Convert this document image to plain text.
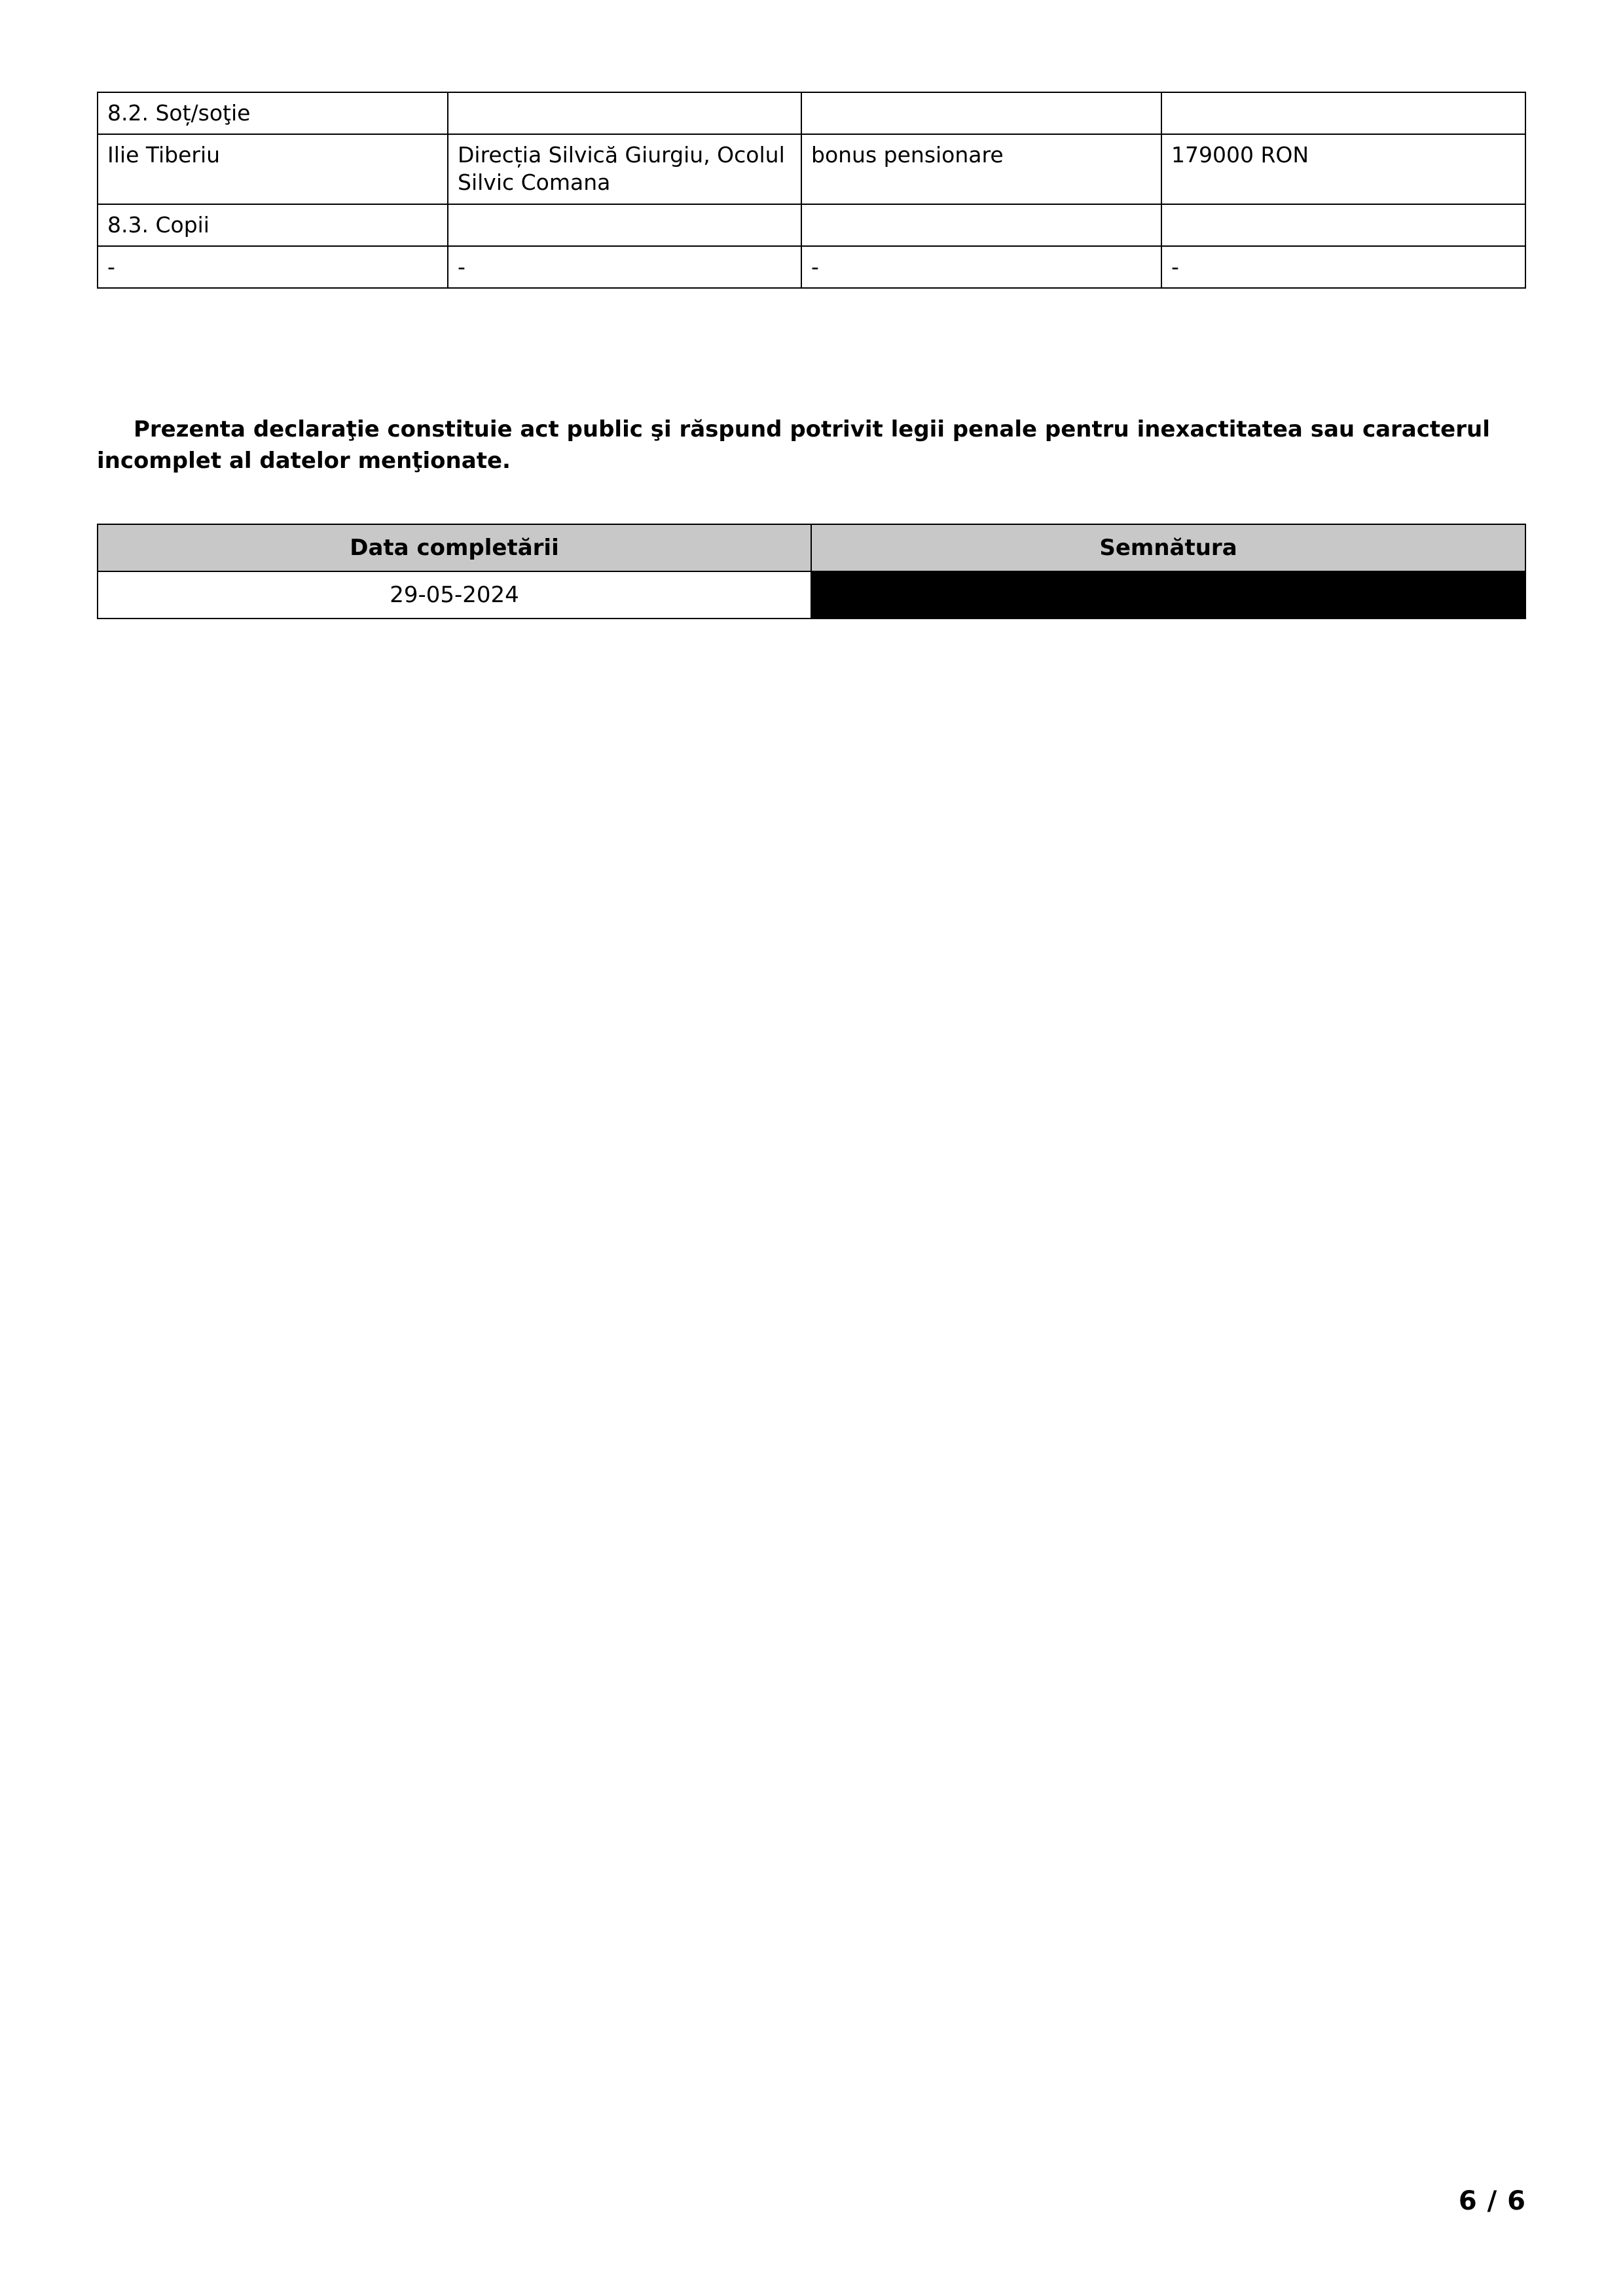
8.2. Soț/soţie			
Ilie Tiberiu	Direcția Silvică Giurgiu, Ocolul Silvic Comana	bonus pensionare	179000 RON
8.3. Copii			
-	-	-	-

Prezenta declaraţie constituie act public şi răspund potrivit legii penale pentru inexactitatea sau caracterul incomplet al datelor menţionate.

Data completării	Semnătura
29-05-2024	
6 / 6
